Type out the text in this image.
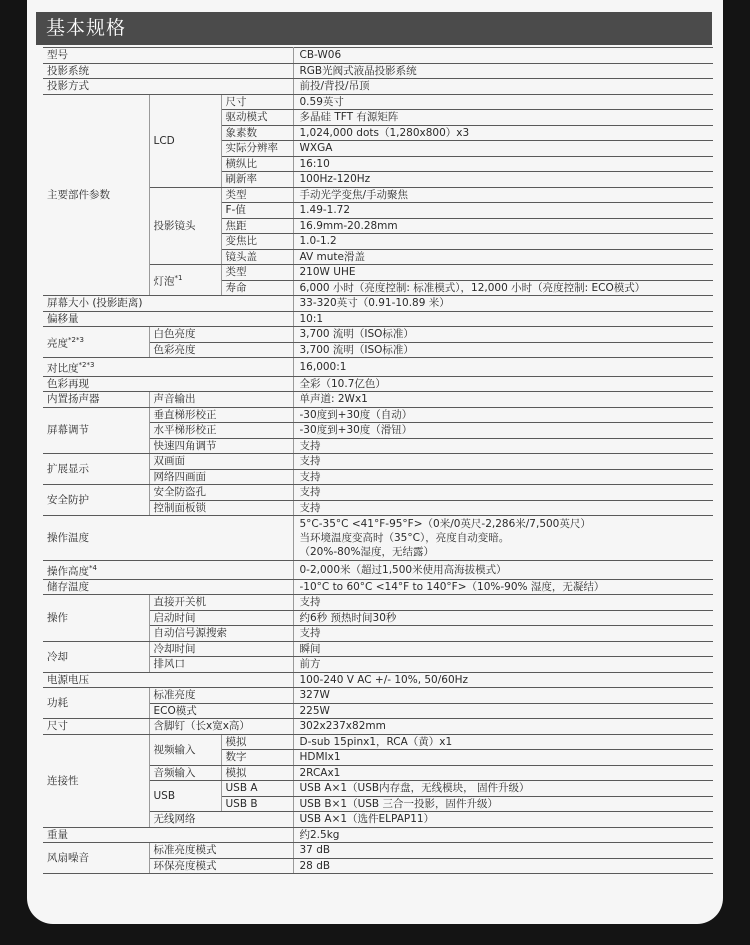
基本规格
型号			CB-W06
投影系统			RGB光阀式液晶投影系统
投影方式			前投/背投/吊顶
主要部件参数	LCD	尺寸	0.59英寸
		驱动模式	多晶硅 TFT 有源矩阵
		象素数	1,024,000 dots（1,280x800）x3
		实际分辨率	WXGA
		横纵比	16:10
		刷新率	100Hz-120Hz
	投影镜头	类型	手动光学变焦/手动聚焦
		F-值	1.49-1.72
		焦距	16.9mm-20.28mm
		变焦比	1.0-1.2
		镜头盖	AV mute滑盖
	灯泡$^{*1}$	类型	210W UHE
		寿命	6,000 小时（亮度控制: 标准模式），12,000 小时（亮度控制: ECO模式）
屏幕大小 (投影距离)			33-320英寸（0.91-10.89 米）
偏移量			10:1
亮度$^{*2*3}$	白色亮度		3,700 流明（ISO标准）
	色彩亮度		3,700 流明（ISO标准）
对比度$^{*2*3}$			16,000:1
色彩再现			全彩（10.7亿色）
内置扬声器	声音输出		单声道: 2Wx1
屏幕调节	垂直梯形校正		-30度到+30度（自动）
	水平梯形校正		-30度到+30度（滑钮）
	快速四角调节		支持
扩展显示	双画面		支持
	网络四画面		支持
安全防护	安全防盗孔		支持
	控制面板锁		支持
操作温度			5°C-35°C <41°F-95°F>（0米/0英尺-2,286米/7,500英尺）
当环境温度变高时（35°C），亮度自动变暗。
（20%-80%湿度，无结露）

操作高度$^{*4}$			0-2,000米（超过1,500米使用高海拔模式）
储存温度			-10°C to 60°C <14°F to 140°F>（10%-90% 湿度，无凝结）
操作	直接开关机		支持
	启动时间		约6秒 预热时间30秒
	自动信号源搜索		支持
冷却	冷却时间		瞬间
	排风口		前方
电源电压			100-240 V AC +/- 10%, 50/60Hz
功耗	标准亮度		327W
	ECO模式		225W
尺寸	含脚钉（长x宽x高）		302x237x82mm
连接性	视频输入	模拟	D-sub 15pinx1，RCA（黄）x1
		数字	HDMIx1
	音频输入	模拟	2RCAx1
	USB	USB A	USB A×1（USB内存盘，无线模块， 固件升级）
		USB B	USB B×1（USB 三合一投影，固件升级）
	无线网络		USB A×1（选件ELPAP11）
重量			约2.5kg
风扇噪音	标准亮度模式		37 dB
	环保亮度模式		28 dB
